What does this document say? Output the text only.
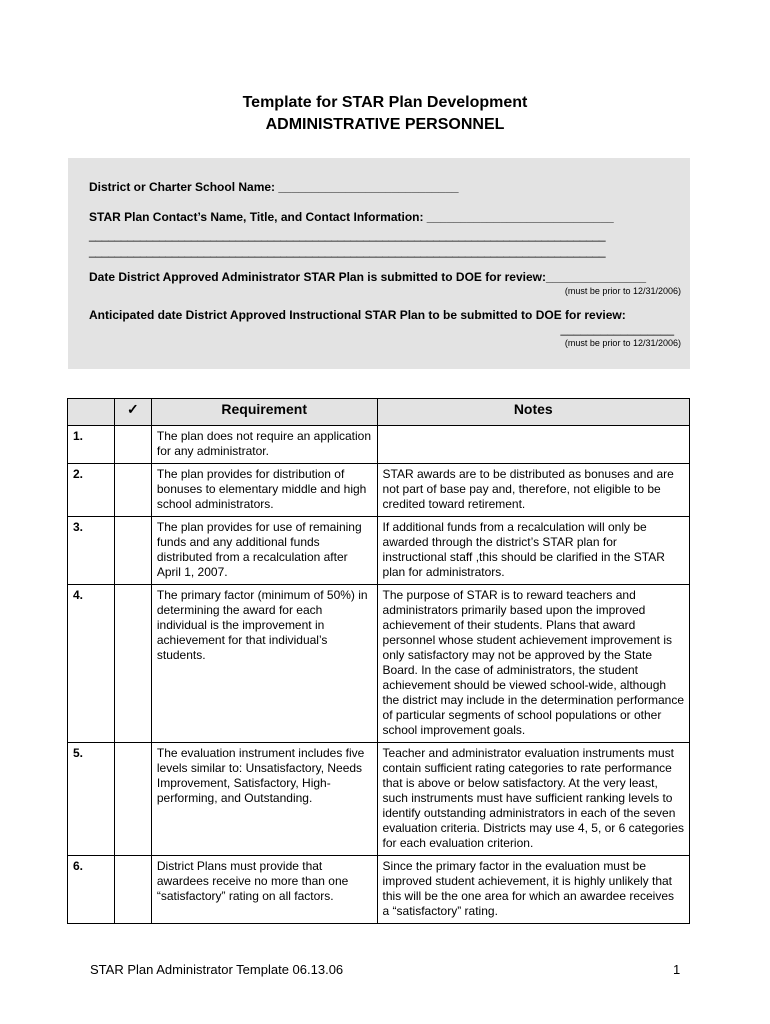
Template for STAR Plan Development
ADMINISTRATIVE PERSONNEL
District or Charter School Name: ___________________________
STAR Plan Contact’s Name, Title, and Contact Information: ____________________________
_________________________________________________________________________________
_________________________________________________________________________________
Date District Approved Administrator STAR Plan is submitted to DOE for review:_______________
(must be prior to 12/31/2006)
Anticipated date District Approved Instructional STAR Plan to be submitted to DOE for review:
_________________
(must be prior to 12/31/2006)
	✓	Requirement	Notes
1.		The plan does not require an application for any administrator.	
2.		The plan provides for distribution of bonuses to elementary middle and high school administrators.	STAR awards are to be distributed as bonuses and are not part of base pay and, therefore, not eligible to be credited toward retirement.
3.		The plan provides for use of remaining funds and any additional funds distributed from a recalculation after April 1, 2007.	If additional funds from a recalculation will only be awarded through the district’s STAR plan for instructional staff ,this should be clarified in the STAR plan for administrators.
4.		The primary factor (minimum of 50%) in determining the award for each individual is the improvement in achievement for that individual’s students.	The purpose of STAR is to reward teachers and administrators primarily based upon the improved achievement of their students. Plans that award personnel whose student achievement improvement is only satisfactory may not be approved by the State Board. In the case of administrators, the student achievement should be viewed school-wide, although the district may include in the determination performance of particular segments of school populations or other school improvement goals.
5.		The evaluation instrument includes five levels similar to: Unsatisfactory, Needs Improvement, Satisfactory, High-performing, and Outstanding.	Teacher and administrator evaluation instruments must contain sufficient rating categories to rate performance that is above or below satisfactory. At the very least, such instruments must have sufficient ranking levels to identify outstanding administrators in each of the seven evaluation criteria. Districts may use 4, 5, or 6 categories for each evaluation criterion.
6.		District Plans must provide that awardees receive no more than one “satisfactory” rating on all factors.	Since the primary factor in the evaluation must be improved student achievement, it is highly unlikely that this will be the one area for which an awardee receives a “satisfactory” rating.
STAR Plan Administrator Template 06.13.06	1
